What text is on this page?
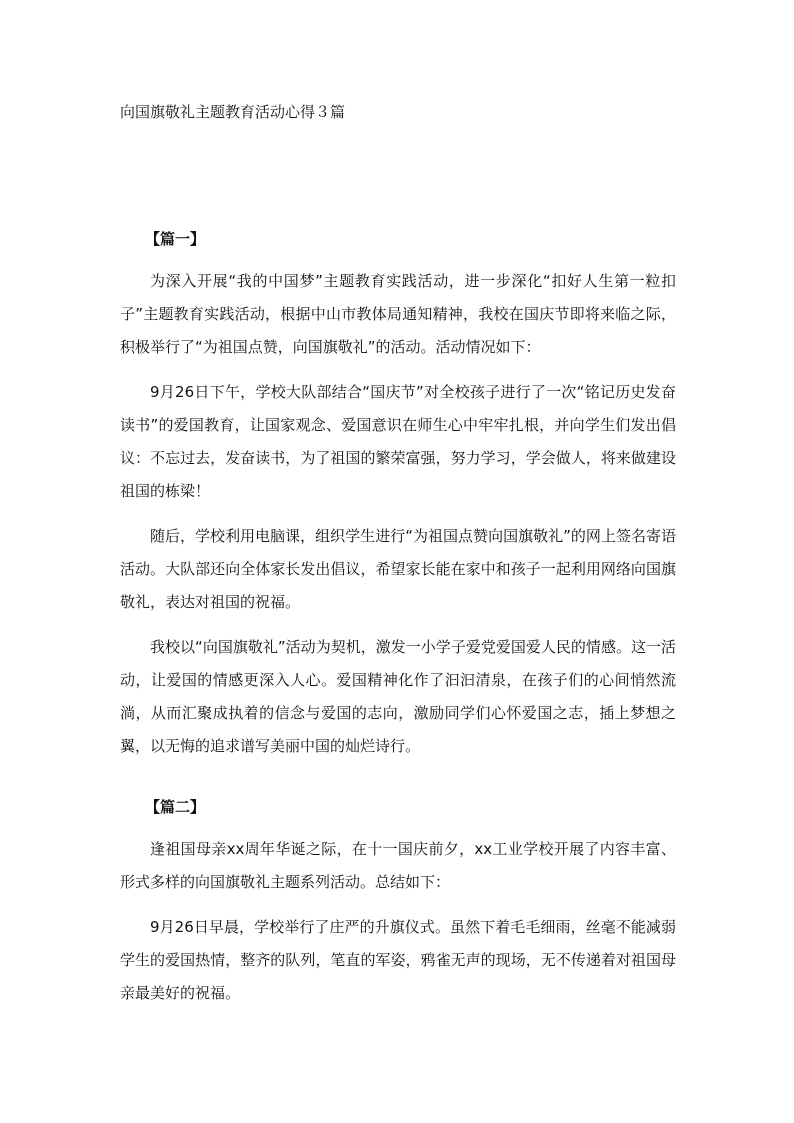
向国旗敬礼主题教育活动心得３篇
【篇一】

为深入开展“我的中国梦”主题教育实践活动，进一步深化“扣好人生第一粒扣子”主题教育实践活动，根据中山市教体局通知精神，我校在国庆节即将来临之际，积极举行了“为祖国点赞，向国旗敬礼”的活动。活动情况如下：

9月26日下午，学校大队部结合“国庆节”对全校孩子进行了一次“铭记历史发奋读书”的爱国教育，让国家观念、爱国意识在师生心中牢牢扎根，并向学生们发出倡议：不忘过去，发奋读书，为了祖国的繁荣富强，努力学习，学会做人，将来做建设祖国的栋梁！

随后，学校利用电脑课，组织学生进行“为祖国点赞向国旗敬礼”的网上签名寄语活动。大队部还向全体家长发出倡议，希望家长能在家中和孩子一起利用网络向国旗敬礼，表达对祖国的祝福。

我校以“向国旗敬礼”活动为契机，激发一小学子爱党爱国爱人民的情感。这一活动，让爱国的情感更深入人心。爱国精神化作了汩汩清泉，在孩子们的心间悄然流淌，从而汇聚成执着的信念与爱国的志向，激励同学们心怀爱国之志，插上梦想之翼，以无悔的追求谱写美丽中国的灿烂诗行。

【篇二】

逢祖国母亲xx周年华诞之际，在十一国庆前夕，xx工业学校开展了内容丰富、形式多样的向国旗敬礼主题系列活动。总结如下：

9月26日早晨，学校举行了庄严的升旗仪式。虽然下着毛毛细雨，丝毫不能减弱学生的爱国热情，整齐的队列，笔直的军姿，鸦雀无声的现场，无不传递着对祖国母亲最美好的祝福。
